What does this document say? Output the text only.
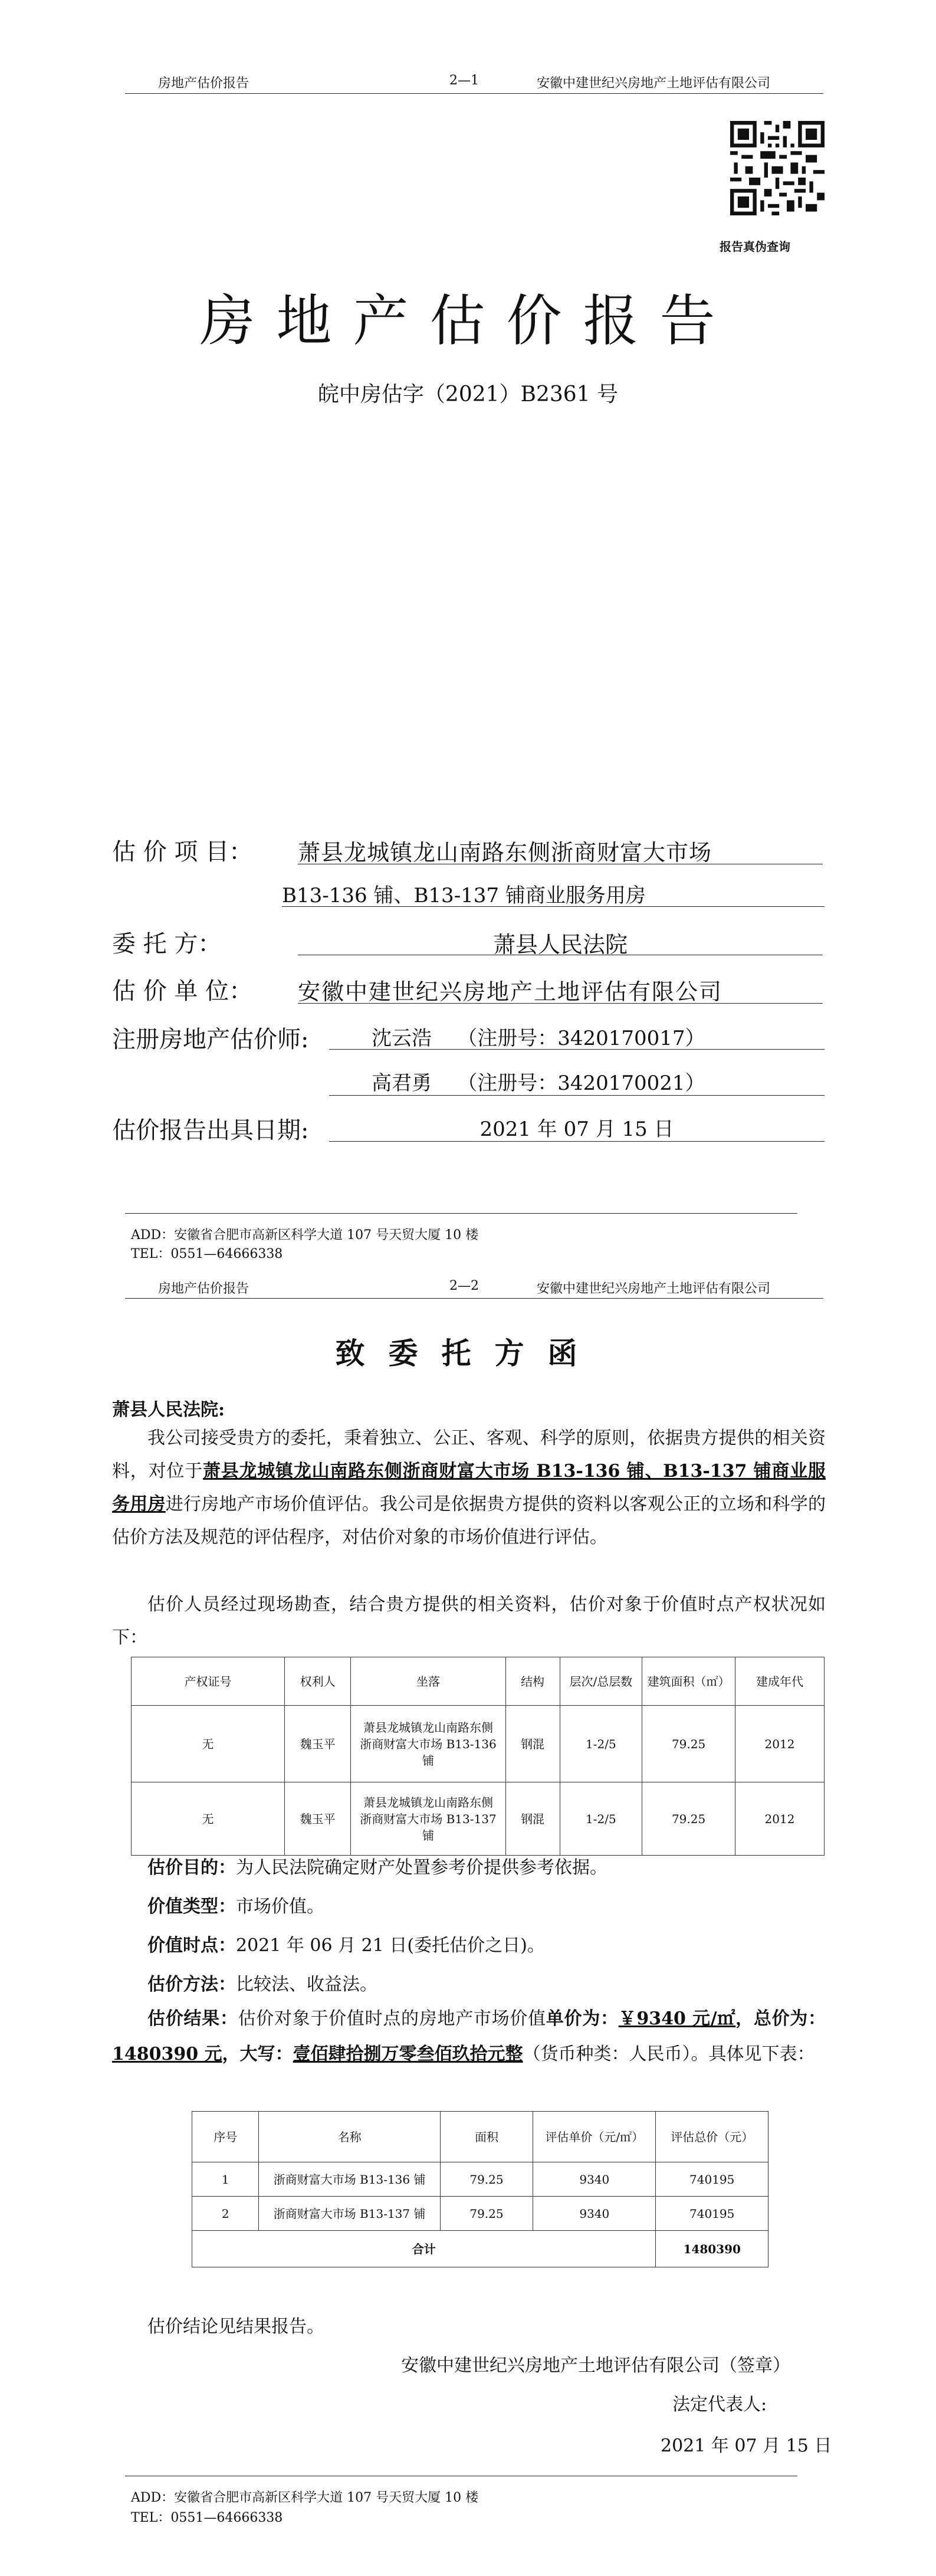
房地产估价报告	2—1	安徽中建世纪兴房地产土地评估有限公司
报告真伪查询
房地产估价报告
皖中房估字（2021）B2361 号
估 价 项 目： 萧县龙城镇龙山南路东侧浙商财富大市场
B13-136 铺、B13-137 铺商业服务用房
委 托 方：	萧县人民法院
估 价 单 位： 安徽中建世纪兴房地产土地评估有限公司
注册房地产估价师:	沈云浩    （注册号：3420170017）
高君勇    （注册号：3420170021）
估价报告出具日期:	2021 年 07 月 15 日
ADD：安徽省合肥市高新区科学大道 107 号天贸大厦 10 楼
TEL：0551—64666338
房地产估价报告	2—2	安徽中建世纪兴房地产土地评估有限公司
致委托方函
萧县人民法院:
我公司接受贵方的委托，秉着独立、公正、客观、科学的原则，依据贵方提供的相关资料，对位于萧县龙城镇龙山南路东侧浙商财富大市场 B13-136 铺、B13-137 铺商业服务用房进行房地产市场价值评估。我公司是依据贵方提供的资料以客观公正的立场和科学的估价方法及规范的评估程序，对估价对象的市场价值进行评估。
估价人员经过现场勘查，结合贵方提供的相关资料，估价对象于价值时点产权状况如下：
产权证号	权利人	坐落	结构	层次/总层数	建筑面积（㎡）	建成年代
无	魏玉平	萧县龙城镇龙山南路东侧浙商财富大市场 B13-136 铺	钢混	1-2/5	79.25	2012
无	魏玉平	萧县龙城镇龙山南路东侧浙商财富大市场 B13-137 铺	钢混	1-2/5	79.25	2012
估价目的：为人民法院确定财产处置参考价提供参考依据。
价值类型：市场价值。
价值时点：2021 年 06 月 21 日(委托估价之日)。
估价方法：比较法、收益法。
估价结果：估价对象于价值时点的房地产市场价值单价为：￥9340 元/㎡，总价为：1480390 元，大写：壹佰肆拾捌万零叁佰玖拾元整（货币种类：人民币）。具体见下表：
序号	名称	面积	评估单价（元/㎡）	评估总价（元）
1	浙商财富大市场 B13-136 铺	79.25	9340	740195
2	浙商财富大市场 B13-137 铺	79.25	9340	740195
合计				1480390
估价结论见结果报告。
安徽中建世纪兴房地产土地评估有限公司（签章）
法定代表人:
2021 年 07 月 15 日
ADD：安徽省合肥市高新区科学大道 107 号天贸大厦 10 楼
TEL：0551—64666338
